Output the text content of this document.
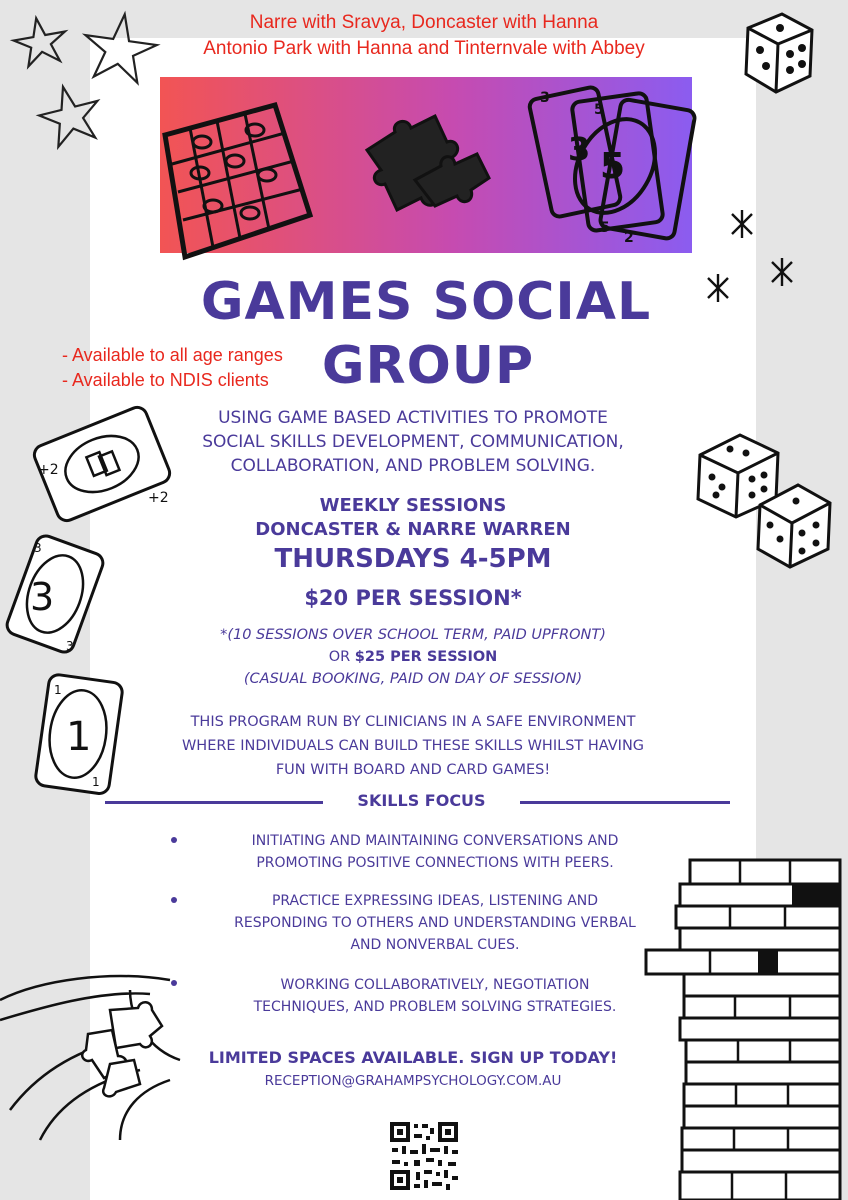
Narre with Sravya, Doncaster with Hanna
Antonio Park with Hanna and Tinternvale with Abbey
3 5
3
5
5
2
GAMES SOCIAL
GROUP
- Available to all age ranges
- Available to NDIS clients
USING GAME BASED ACTIVITIES TO PROMOTE
SOCIAL SKILLS DEVELOPMENT, COMMUNICATION,
COLLABORATION, AND PROBLEM SOLVING.
WEEKLY SESSIONS
DONCASTER & NARRE WARREN
THURSDAYS 4-5PM
$20 PER SESSION*
*(10 SESSIONS OVER SCHOOL TERM, PAID UPFRONT)
OR $25 PER SESSION
(CASUAL BOOKING, PAID ON DAY OF SESSION)
THIS PROGRAM RUN BY CLINICIANS IN A SAFE ENVIRONMENT
WHERE INDIVIDUALS CAN BUILD THESE SKILLS WHILST HAVING
FUN WITH BOARD AND CARD GAMES!
SKILLS FOCUS
INITIATING AND MAINTAINING CONVERSATIONS AND
PROMOTING POSITIVE CONNECTIONS WITH PEERS.
PRACTICE EXPRESSING IDEAS, LISTENING AND
RESPONDING TO OTHERS AND UNDERSTANDING VERBAL
AND NONVERBAL CUES.
WORKING COLLABORATIVELY, NEGOTIATION
TECHNIQUES, AND PROBLEM SOLVING STRATEGIES.
LIMITED SPACES AVAILABLE. SIGN UP TODAY!
RECEPTION@GRAHAMPSYCHOLOGY.COM.AU
+2
+2
3
3
3
1
1
1
